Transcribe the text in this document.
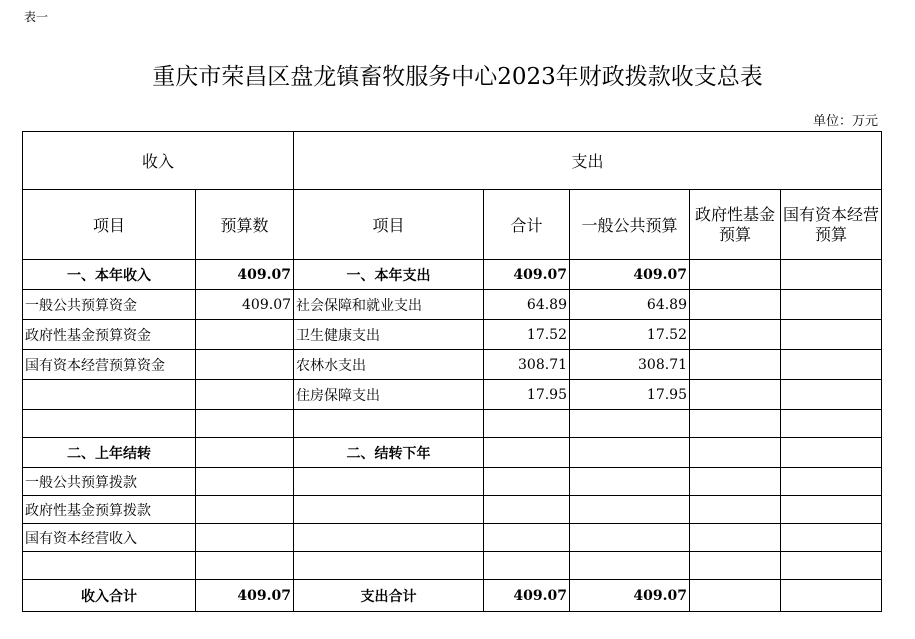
表一
重庆市荣昌区盘龙镇畜牧服务中心2023年财政拨款收支总表
单位：万元
收入		支出				
项目	预算数	项目	合计	一般公共预算	政府性基金预算	国有资本经营预算
一、本年收入	409.07	一、本年支出	409.07	409.07		
一般公共预算资金	409.07	社会保障和就业支出	64.89	64.89		
政府性基金预算资金		卫生健康支出	17.52	17.52		
国有资本经营预算资金		农林水支出	308.71	308.71		
		住房保障支出	17.95	17.95		

二、上年结转		二、结转下年				
一般公共预算拨款						
政府性基金预算拨款						
国有资本经营收入						

收入合计	409.07	支出合计	409.07	409.07		
